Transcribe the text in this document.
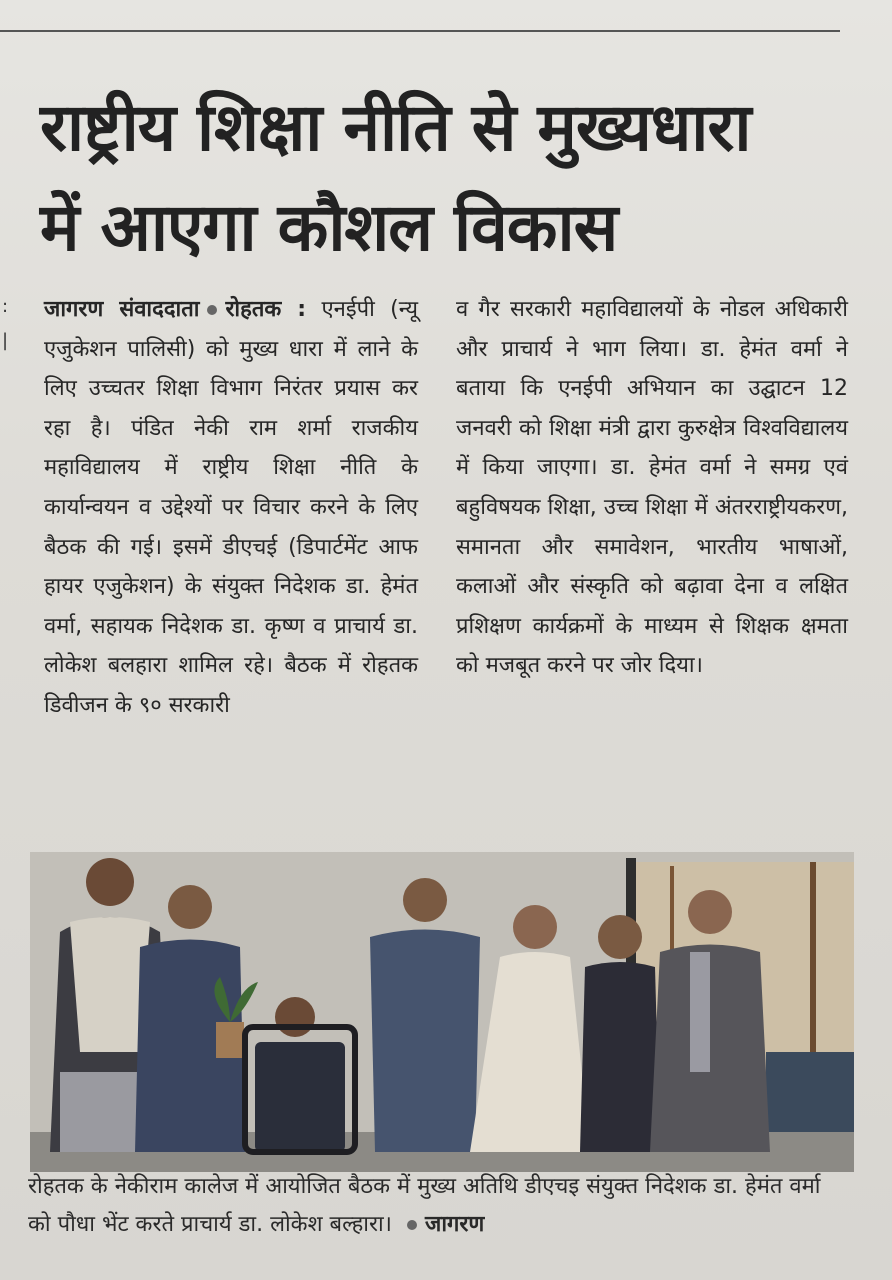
:
|
राष्ट्रीय शिक्षा नीति से मुख्यधारा
में आएगा कौशल विकास
जागरण संवाददाता रोहतक : एनईपी (न्यू एजुकेशन पालिसी) को मुख्य धारा में लाने के लिए उच्चतर शिक्षा विभाग निरंतर प्रयास कर रहा है। पंडित नेकी राम शर्मा राजकीय महाविद्यालय में राष्ट्रीय शिक्षा नीति के कार्यान्वयन व उद्देश्यों पर विचार करने के लिए बैठक की गई। इसमें डीएचई (डिपार्टमेंट आफ हायर एजुकेशन) के संयुक्त निदेशक डा. हेमंत वर्मा, सहायक निदेशक डा. कृष्ण व प्राचार्य डा. लोकेश बलहारा शामिल रहे। बैठक में रोहतक डिवीजन के ९० सरकारी
व गैर सरकारी महाविद्यालयों के नोडल अधिकारी और प्राचार्य ने भाग लिया। डा. हेमंत वर्मा ने बताया कि एनईपी अभियान का उद्घाटन 12 जनवरी को शिक्षा मंत्री द्वारा कुरुक्षेत्र विश्वविद्यालय में किया जाएगा। डा. हेमंत वर्मा ने समग्र एवं बहुविषयक शिक्षा, उच्च शिक्षा में अंतरराष्ट्रीयकरण, समानता और समावेशन, भारतीय भाषाओं, कलाओं और संस्कृति को बढ़ावा देना व लक्षित प्रशिक्षण कार्यक्रमों के माध्यम से शिक्षक क्षमता को मजबूत करने पर जोर दिया।
रोहतक के नेकीराम कालेज में आयोजित बैठक में मुख्य अतिथि डीएचइ संयुक्त निदेशक डा. हेमंत वर्मा को पौधा भेंट करते प्राचार्य डा. लोकेश बल्हारा। जागरण
